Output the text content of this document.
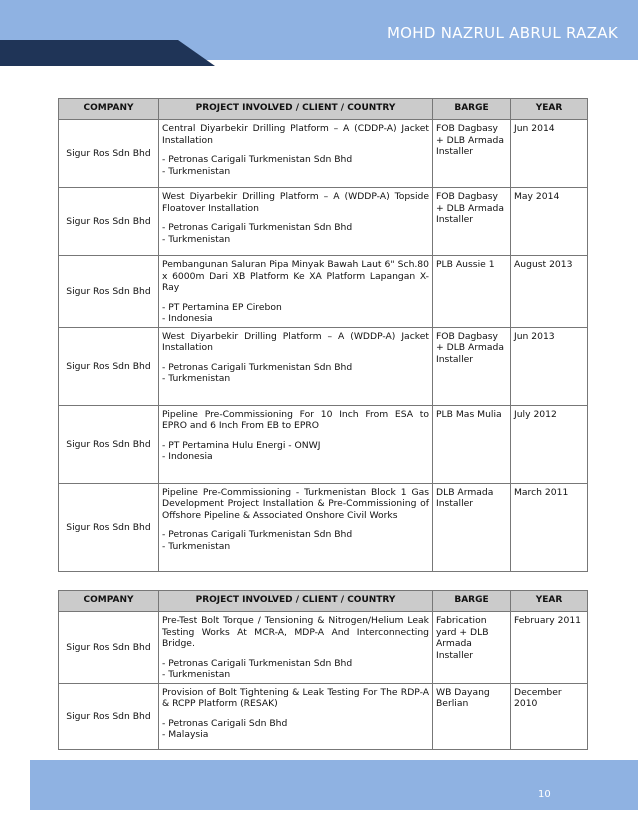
MOHD NAZRUL ABRUL RAZAK
COMPANY	PROJECT INVOLVED / CLIENT / COUNTRY	BARGE	YEAR
Sigur Ros Sdn Bhd	Central Diyarbekir Drilling Platform – A (CDDP-A) Jacket Installation
- Petronas Carigali Turkmenistan Sdn Bhd
- Turkmenistan	FOB Dagbasy + DLB Armada Installer	Jun 2014
Sigur Ros Sdn Bhd	West Diyarbekir Drilling Platform – A (WDDP-A) Topside Floatover Installation
- Petronas Carigali Turkmenistan Sdn Bhd
- Turkmenistan	FOB Dagbasy + DLB Armada Installer	May 2014
Sigur Ros Sdn Bhd	Pembangunan Saluran Pipa Minyak Bawah Laut 6" Sch.80 x 6000m Dari XB Platform Ke XA Platform Lapangan X-Ray
- PT Pertamina EP Cirebon
- Indonesia	PLB Aussie 1	August 2013
Sigur Ros Sdn Bhd	West Diyarbekir Drilling Platform – A (WDDP-A) Jacket Installation
- Petronas Carigali Turkmenistan Sdn Bhd
- Turkmenistan	FOB Dagbasy + DLB Armada Installer	Jun 2013
Sigur Ros Sdn Bhd	Pipeline Pre-Commissioning For 10 Inch From ESA to EPRO and 6 Inch From EB to EPRO
- PT Pertamina Hulu Energi - ONWJ
- Indonesia	PLB Mas Mulia	July 2012
Sigur Ros Sdn Bhd	Pipeline Pre-Commissioning - Turkmenistan Block 1 Gas Development Project Installation & Pre-Commissioning of Offshore Pipeline & Associated Onshore Civil Works
- Petronas Carigali Turkmenistan Sdn Bhd
- Turkmenistan	DLB Armada Installer	March 2011
COMPANY	PROJECT INVOLVED / CLIENT / COUNTRY	BARGE	YEAR
Sigur Ros Sdn Bhd	Pre-Test Bolt Torque / Tensioning & Nitrogen/Helium Leak Testing Works At MCR-A, MDP-A And Interconnecting Bridge.
- Petronas Carigali Turkmenistan Sdn Bhd
- Turkmenistan	Fabrication yard + DLB Armada Installer	February 2011
Sigur Ros Sdn Bhd	Provision of Bolt Tightening & Leak Testing For The RDP-A & RCPP Platform (RESAK)
- Petronas Carigali Sdn Bhd
- Malaysia	WB Dayang Berlian	December 2010
10
